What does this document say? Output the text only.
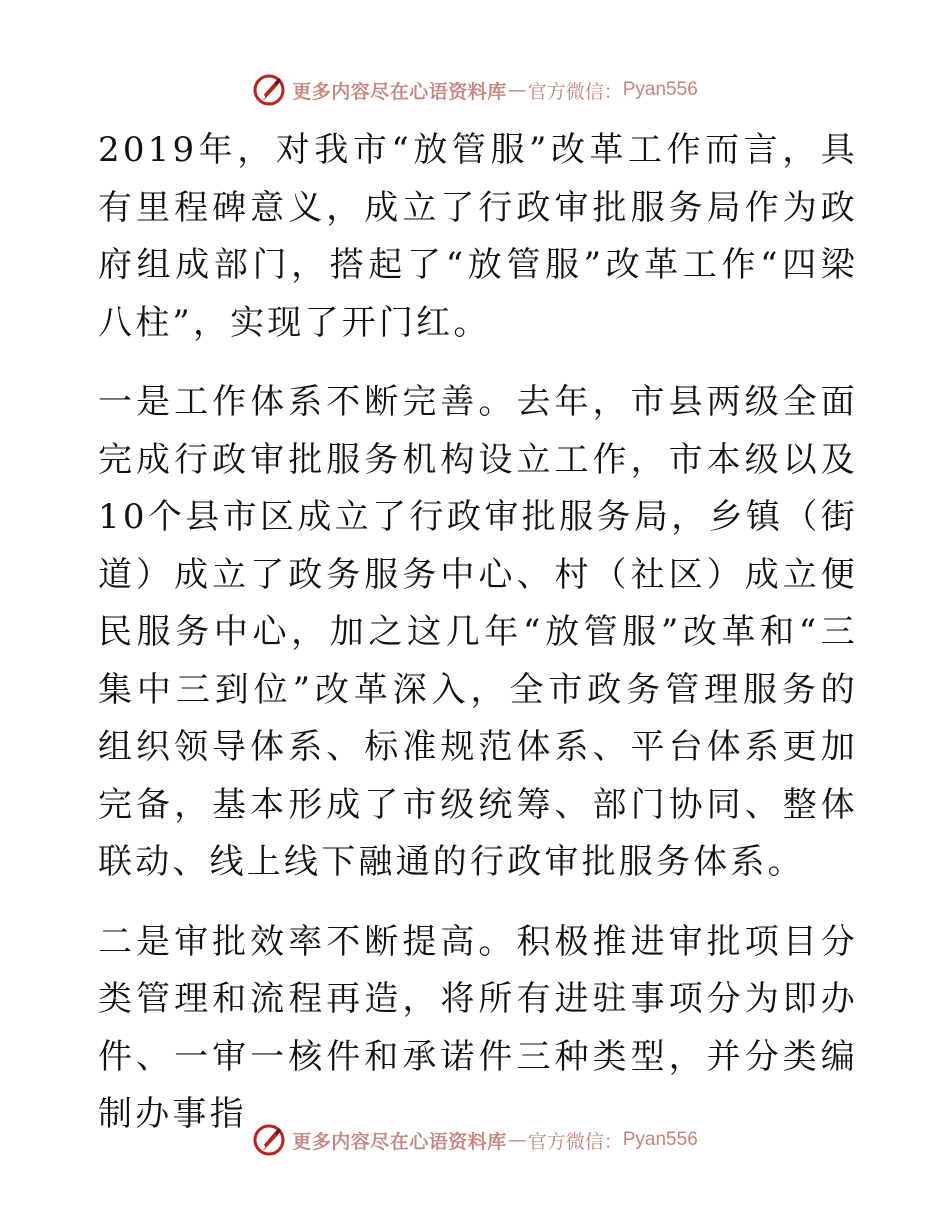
更多内容尽在心语资料库 — 官方微信： Pyan556

2019年，对我市“放管服”改革工作而言，具有里程碑意义，成立了行政审批服务局作为政府组成部门，搭起了“放管服”改革工作“四梁八柱”，实现了开门红。

一是工作体系不断完善。去年，市县两级全面完成行政审批服务机构设立工作，市本级以及10个县市区成立了行政审批服务局，乡镇（街道）成立了政务服务中心、村（社区）成立便民服务中心，加之这几年“放管服”改革和“三集中三到位”改革深入，全市政务管理服务的组织领导体系、标准规范体系、平台体系更加完备，基本形成了市级统筹、部门协同、整体联动、线上线下融通的行政审批服务体系。

二是审批效率不断提高。积极推进审批项目分类管理和流程再造，将所有进驻事项分为即办件、一审一核件和承诺件三种类型，并分类编制办事指

更多内容尽在心语资料库 — 官方微信： Pyan556
